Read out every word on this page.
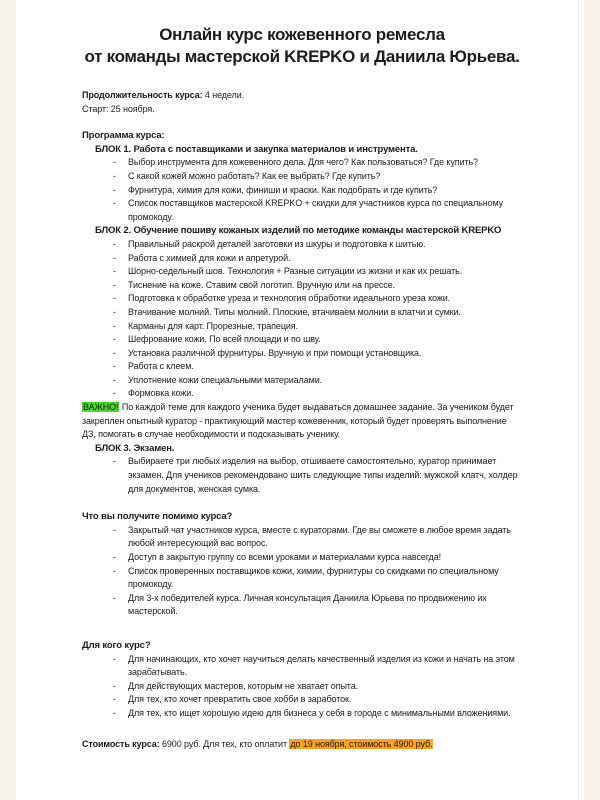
Онлайн курс кожевенного ремесла
от команды мастерской KREPKO и Даниила Юрьева.

Продолжительность курса: 4 недели.

Старт: 25 ноября.

Программа курса:

БЛОК 1. Работа с поставщиками и закупка материалов и инструмента.

-	Выбор инструмента для кожевенного дела. Для чего? Как пользоваться? Где купить?
-	С какой кожей можно работать? Как ее выбрать? Где купить?
-	Фурнитура, химия для кожи, финиши и краски. Как подобрать и где купить?
-	Список поставщиков мастерской KREPKO + скидки для участников курса по специальному промокоду.

БЛОК 2. Обучение пошиву кожаных изделий по методике команды мастерской KREPKO

-	Правильный раскрой деталей заготовки из шкуры и подготовка к шитью.
-	Работа с химией для кожи и апретурой.
-	Шорно-седельный шов. Технология + Разные ситуации из жизни и как их решать.
-	Тиснение на коже. Ставим свой логотип. Вручную или на прессе.
-	Подготовка к обработке уреза и технология обработки идеального уреза кожи.
-	Втачивание молний. Типы молний. Плоские, втачиваем молнии в клатчи и сумки.
-	Карманы для карт. Прорезные, трапеция.
-	Шефрование кожи. По всей площади и по шву.
-	Установка различной фурнитуры. Вручную и при помощи установщика.
-	Работа с клеем.
-	Уплотнение кожи специальными материалами.
-	Формовка кожи.

ВАЖНО! По каждой теме для каждого ученика будет выдаваться домашнее задание. За учеником будет закреплен опытный куратор - практикующий мастер кожевенник, который будет проверять выполнение ДЗ, помогать в случае необходимости и подсказывать ученику.

БЛОК 3. Экзамен.

-	Выбираете три любых изделия на выбор, отшиваете самостоятельно, куратор принимает экзамен. Для учеников рекомендовано шить следующие типы изделий: мужской клатч, холдер для документов, женская сумка.

Что вы получите помимо курса?

-	Закрытый чат участников курса, вместе с кураторами. Где вы сможете в любое время задать любой интересующий вас вопрос.
-	Доступ в закрытую группу со всеми уроками и материалами курса навсегда!
-	Список проверенных поставщиков кожи, химии, фурнитуры со скидками по специальному промокоду.
-	Для 3-х победителей курса. Личная консультация Даниила Юрьева по продвижению их мастерской.

Для кого курс?

-	Для начинающих, кто хочет научиться делать качественный изделия из кожи и начать на этом зарабатывать.
-	Для действующих мастеров, которым не хватает опыта.
-	Для тех, кто хочет превратить свое хобби в заработок.
-	Для тех, кто ищет хорошую идею для бизнеса у себя в городе с минимальными вложениями.

Стоимость курса: 6900 руб. Для тех, кто оплатит до 19 ноября, стоимость 4900 руб.
